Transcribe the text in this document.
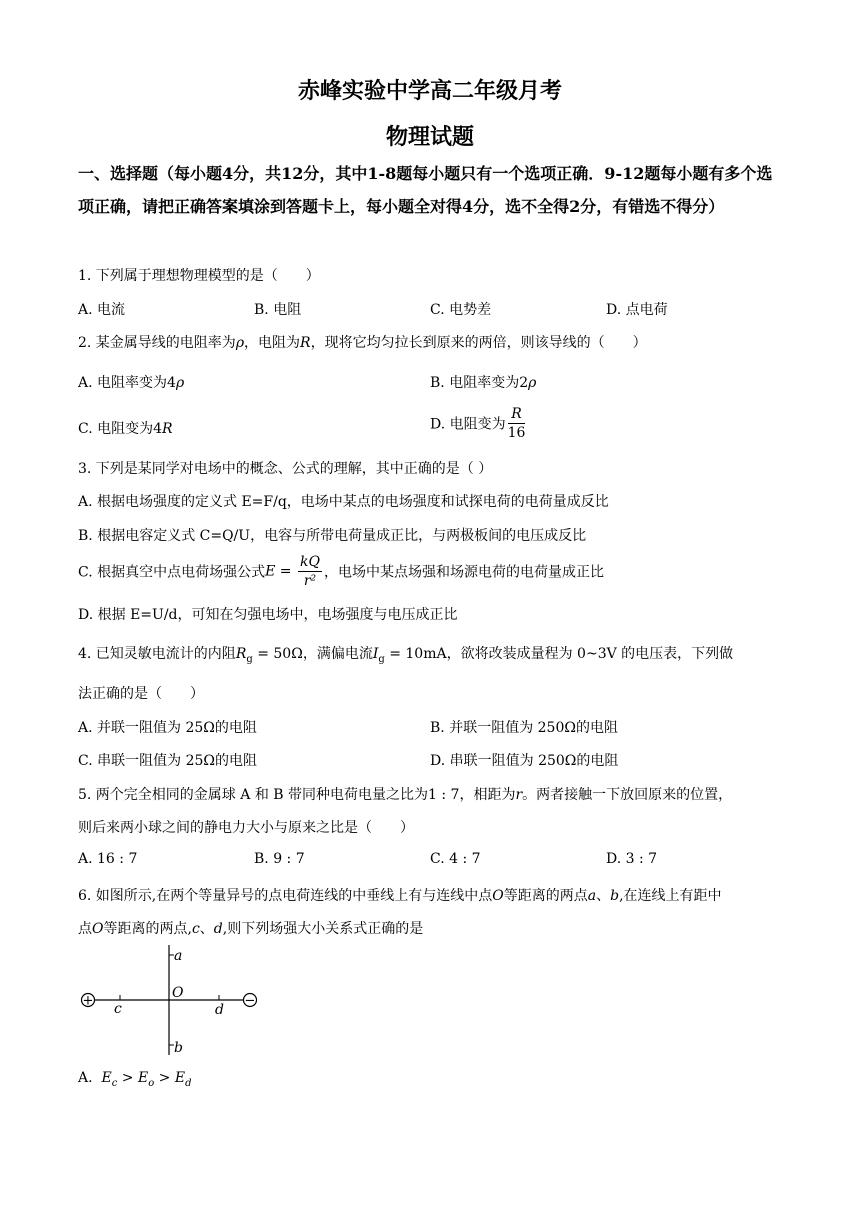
赤峰实验中学高二年级月考
物理试题
一、选择题（每小题4分，共12分，其中1-8题每小题只有一个选项正确．9-12题每小题有多个选项正确，请把正确答案填涂到答题卡上，每小题全对得4分，选不全得2分，有错选不得分）
1. 下列属于理想物理模型的是（　　）
A. 电流	B. 电阻	C. 电势差	D. 点电荷
2. 某金属导线的电阻率为ρ，电阻为R，现将它均匀拉长到原来的两倍，则该导线的（　　）
A. 电阻率变为4ρ	B. 电阻率变为2ρ
C. 电阻变为4R	D. 电阻变为 $\frac{R}{16}$
3. 下列是某同学对电场中的概念、公式的理解，其中正确的是（ ）
A. 根据电场强度的定义式 E=F/q，电场中某点的电场强度和试探电荷的电荷量成反比
B. 根据电容定义式 C=Q/U，电容与所带电荷量成正比，与两极板间的电压成反比
C. 根据真空中点电荷场强公式$E = \frac{kQ}{\text{r²}}$ ，电场中某点场强和场源电荷的电荷量成正比
D. 根据 E=U/d，可知在匀强电场中，电场强度与电压成正比
4. 已知灵敏电流计的内阻$R_g = 50\Omega$，满偏电流$I_g = 10mA$，欲将改装成量程为 0~3V 的电压表，下列做
法正确的是（　　）
A. 并联一阻值为 25Ω的电阻	B. 并联一阻值为 250Ω的电阻
C. 串联一阻值为 25Ω的电阻	D. 串联一阻值为 250Ω的电阻
5. 两个完全相同的金属球 A 和 B 带同种电荷电量之比为1 : 7，相距为r。两者接触一下放回原来的位置，
则后来两小球之间的静电力大小与原来之比是（　　）
A. 16 : 7	B. 9 : 7	C. 4 : 7	D. 3 : 7
6. 如图所示,在两个等量异号的点电荷连线的中垂线上有与连线中点O等距离的两点a、b,在连线上有距中
点O等距离的两点,c、d,则下列场强大小关系式正确的是
+	−
a
b
O
c	d
A. $E_c > E_o > E_d$
